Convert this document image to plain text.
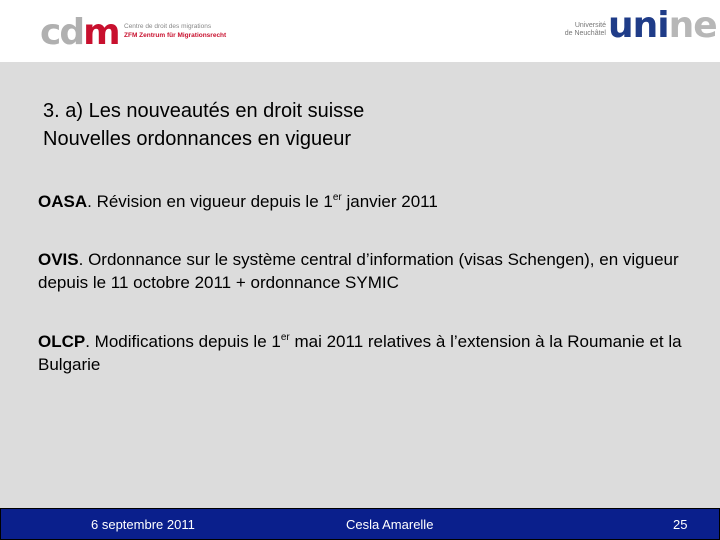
cdm Centre de droit des migrations
ZFM Zentrum für Migrationsrecht
Université
de Neuchâtel unine
3. a) Les nouveautés en droit suisse
Nouvelles ordonnances en vigueur
OASA. Révision en vigueur depuis le 1er janvier 2011
OVIS. Ordonnance sur le système central d’information (visas Schengen), en vigueur depuis le 11 octobre 2011 + ordonnance SYMIC
OLCP. Modifications depuis le 1er mai 2011 relatives à l’extension à la Roumanie et la Bulgarie
6 septembre 2011	Cesla Amarelle	25
